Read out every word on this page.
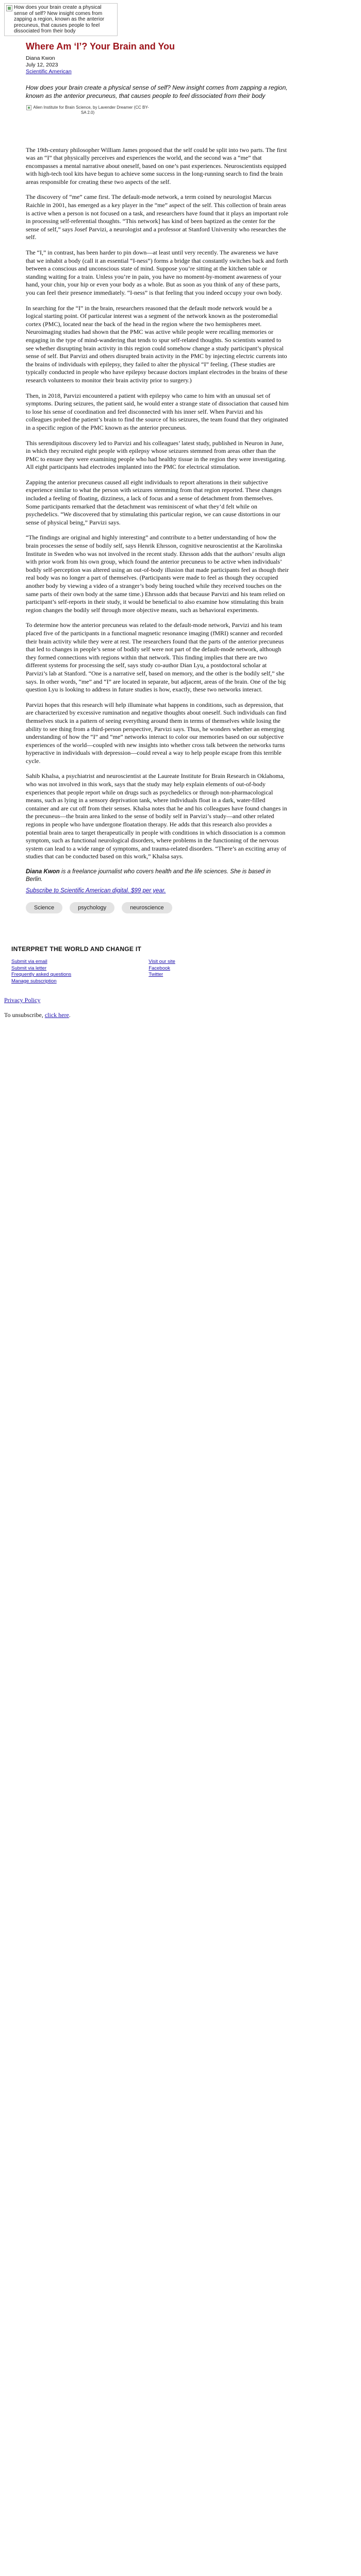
How does your brain create a physical sense of self? New insight comes from zapping a region, known as the anterior precuneus, that causes people to feel dissociated from their body
Where Am ‘I’? Your Brain and You
Diana Kwon
July 12, 2023
Scientific American

How does your brain create a physical sense of self? New insight comes from zapping a region, known as the anterior precuneus, that causes people to feel dissociated from their body

Alien Institute for Brain Science, by Lavender Dreamer (CC BY-SA 2.0)

The 19th-century philosopher William James proposed that the self could be split into two parts. The first was an “I” that physically perceives and experiences the world, and the second was a “me” that encompasses a mental narrative about oneself, based on one’s past experiences. Neuroscientists equipped with high-tech tool kits have begun to achieve some success in the long-running search to find the brain areas responsible for creating these two aspects of the self.

The discovery of “me” came first. The default-mode network, a term coined by neurologist Marcus Raichle in 2001, has emerged as a key player in the “me” aspect of the self. This collection of brain areas is active when a person is not focused on a task, and researchers have found that it plays an important role in processing self-referential thoughts. “This network] has kind of been baptized as the center for the sense of self,” says Josef Parvizi, a neurologist and a professor at Stanford University who researches the self.

The “I,” in contrast, has been harder to pin down—at least until very recently. The awareness we have that we inhabit a body (call it an essential “I-ness”) forms a bridge that constantly switches back and forth between a conscious and unconscious state of mind. Suppose you’re sitting at the kitchen table or standing waiting for a train. Unless you’re in pain, you have no moment-by-moment awareness of your hand, your chin, your hip or even your body as a whole. But as soon as you think of any of these parts, you can feel their presence immediately. “I-ness” is that feeling that you indeed occupy your own body.

In searching for the “I” in the brain, researchers reasoned that the default mode network would be a logical starting point. Of particular interest was a segment of the network known as the posteromedial cortex (PMC), located near the back of the head in the region where the two hemispheres meet. Neuroimaging studies had shown that the PMC was active while people were recalling memories or engaging in the type of mind-wandering that tends to spur self-related thoughts. So scientists wanted to see whether disrupting brain activity in this region could somehow change a study participant’s physical sense of self. But Parvizi and others disrupted brain activity in the PMC by injecting electric currents into the brains of individuals with epilepsy, they failed to alter the physical “I” feeling. (These studies are typically conducted in people who have epilepsy because doctors implant electrodes in the brains of these research volunteers to monitor their brain activity prior to surgery.)

Then, in 2018, Parvizi encountered a patient with epilepsy who came to him with an unusual set of symptoms. During seizures, the patient said, he would enter a strange state of dissociation that caused him to lose his sense of coordination and feel disconnected with his inner self. When Parvizi and his colleagues probed the patient’s brain to find the source of his seizures, the team found that they originated in a specific region of the PMC known as the anterior precuneus.

This serendipitous discovery led to Parvizi and his colleagues’ latest study, published in Neuron in June, in which they recruited eight people with epilepsy whose seizures stemmed from areas other than the PMC to ensure they were examining people who had healthy tissue in the region they were investigating. All eight participants had electrodes implanted into the PMC for electrical stimulation.

Zapping the anterior precuneus caused all eight individuals to report alterations in their subjective experience similar to what the person with seizures stemming from that region reported. These changes included a feeling of floating, dizziness, a lack of focus and a sense of detachment from themselves. Some participants remarked that the detachment was reminiscent of what they’d felt while on psychedelics. “We discovered that by stimulating this particular region, we can cause distortions in our sense of physical being,” Parvizi says.

“The findings are original and highly interesting” and contribute to a better understanding of how the brain processes the sense of bodily self, says Henrik Ehrsson, cognitive neuroscientist at the Karolinska Institute in Sweden who was not involved in the recent study. Ehrsson adds that the authors’ results align with prior work from his own group, which found the anterior precuneus to be active when individuals’ bodily self-perception was altered using an out-of-body illusion that made participants feel as though their real body was no longer a part of themselves. (Participants were made to feel as though they occupied another body by viewing a video of a stranger’s body being touched while they received touches on the same parts of their own body at the same time.) Ehrsson adds that because Parvizi and his team relied on participant’s self-reports in their study, it would be beneficial to also examine how stimulating this brain region changes the bodily self through more objective means, such as behavioral experiments.

To determine how the anterior precuneus was related to the default-mode network, Parvizi and his team placed five of the participants in a functional magnetic resonance imaging (fMRI) scanner and recorded their brain activity while they were at rest. The researchers found that the parts of the anterior precuneus that led to changes in people’s sense of bodily self were not part of the default-mode network, although they formed connections with regions within that network. This finding implies that there are two different systems for processing the self, says study co-author Dian Lyu, a postdoctoral scholar at Parvizi’s lab at Stanford. “One is a narrative self, based on memory, and the other is the bodily self,” she says. In other words, “me” and “I” are located in separate, but adjacent, areas of the brain. One of the big question Lyu is looking to address in future studies is how, exactly, these two networks interact.

Parvizi hopes that this research will help illuminate what happens in conditions, such as depression, that are characterized by excessive rumination and negative thoughts about oneself. Such individuals can find themselves stuck in a pattern of seeing everything around them in terms of themselves while losing the ability to see thing from a third-person perspective, Parvizi says. Thus, he wonders whether an emerging understanding of how the “I” and “me” networks interact to color our memories based on our subjective experiences of the world—coupled with new insights into whether cross talk between the networks turns hyperactive in individuals with depression—could reveal a way to help people escape from this terrible cycle.

Sahib Khalsa, a psychiatrist and neuroscientist at the Laureate Institute for Brain Research in Oklahoma, who was not involved in this work, says that the study may help explain elements of out-of-body experiences that people report while on drugs such as psychedelics or through non-pharmacological means, such as lying in a sensory deprivation tank, where individuals float in a dark, water-filled container and are cut off from their senses. Khalsa notes that he and his colleagues have found changes in the precuneus—the brain area linked to the sense of bodily self in Parvizi’s study—and other related regions in people who have undergone floatation therapy. He adds that this research also provides a potential brain area to target therapeutically in people with conditions in which dissociation is a common symptom, such as functional neurological disorders, where problems in the functioning of the nervous system can lead to a wide range of symptoms, and trauma-related disorders. “There’s an exciting array of studies that can be conducted based on this work,” Khalsa says.

Diana Kwon is a freelance journalist who covers health and the life sciences. She is based in Berlin.

Subscribe to Scientific American digital. $99 per year.

Science	psychology	neuroscience
INTERPRET THE WORLD AND CHANGE IT
Submit via email
Submit via letter
Frequently asked questions
Manage subscription
Visit our site
Facebook
Twitter
Privacy Policy
To unsubscribe, click here.
